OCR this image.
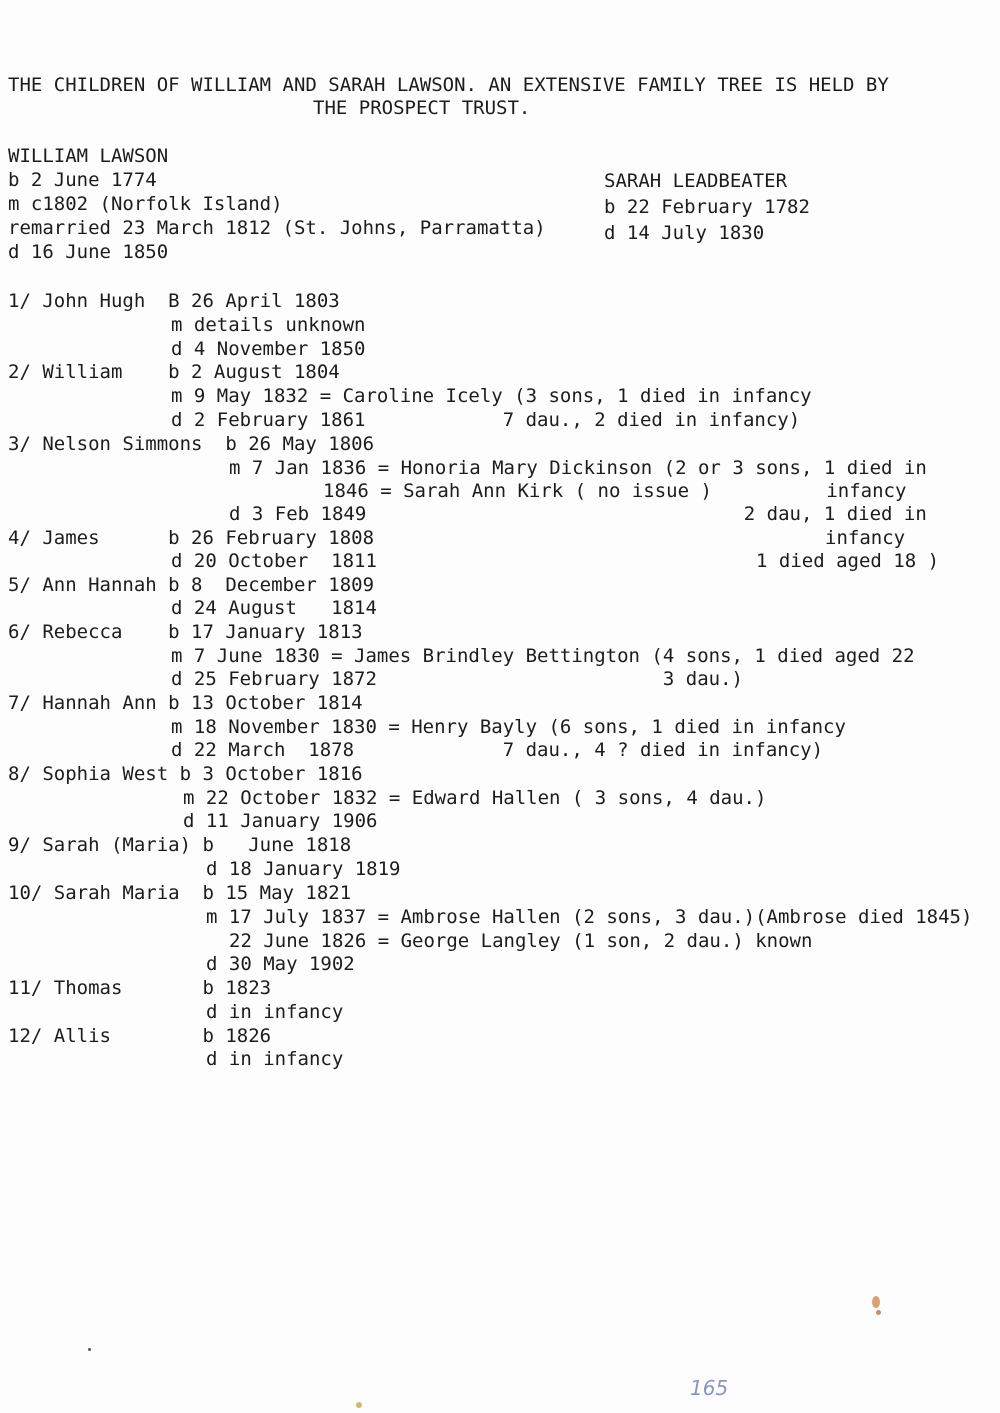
THE CHILDREN OF WILLIAM AND SARAH LAWSON. AN EXTENSIVE FAMILY TREE IS HELD BY

THE PROSPECT TRUST.

WILLIAM LAWSON

b 2 June 1774

m c1802 (Norfolk Island)

remarried 23 March 1812 (St. Johns, Parramatta)

d 16 June 1850

SARAH LEADBEATER

b 22 February 1782

d 14 July 1830

1/ John Hugh  B 26 April 1803

m details unknown

d 4 November 1850

2/ William    b 2 August 1804

m 9 May 1832 = Caroline Icely (3 sons, 1 died in infancy

d 2 February 1861            7 dau., 2 died in infancy)

3/ Nelson Simmons  b 26 May 1806

m 7 Jan 1836 = Honoria Mary Dickinson (2 or 3 sons, 1 died in

1846 = Sarah Ann Kirk ( no issue )          infancy

d 3 Feb 1849                                 2 dau, 1 died in

infancy

1 died aged 18 )

4/ James      b 26 February 1808

d 20 October  1811

5/ Ann Hannah b 8  December 1809

d 24 August   1814

6/ Rebecca    b 17 January 1813

m 7 June 1830 = James Brindley Bettington (4 sons, 1 died aged 22

d 25 February 1872                         3 dau.)

7/ Hannah Ann b 13 October 1814

m 18 November 1830 = Henry Bayly (6 sons, 1 died in infancy

d 22 March  1878             7 dau., 4 ? died in infancy)

8/ Sophia West b 3 October 1816

m 22 October 1832 = Edward Hallen ( 3 sons, 4 dau.)

d 11 January 1906

9/ Sarah (Maria) b   June 1818

d 18 January 1819

10/ Sarah Maria  b 15 May 1821

m 17 July 1837 = Ambrose Hallen (2 sons, 3 dau.)(Ambrose died 1845)

22 June 1826 = George Langley (1 son, 2 dau.) known

d 30 May 1902

11/ Thomas       b 1823

d in infancy

12/ Allis        b 1826

d in infancy

165
